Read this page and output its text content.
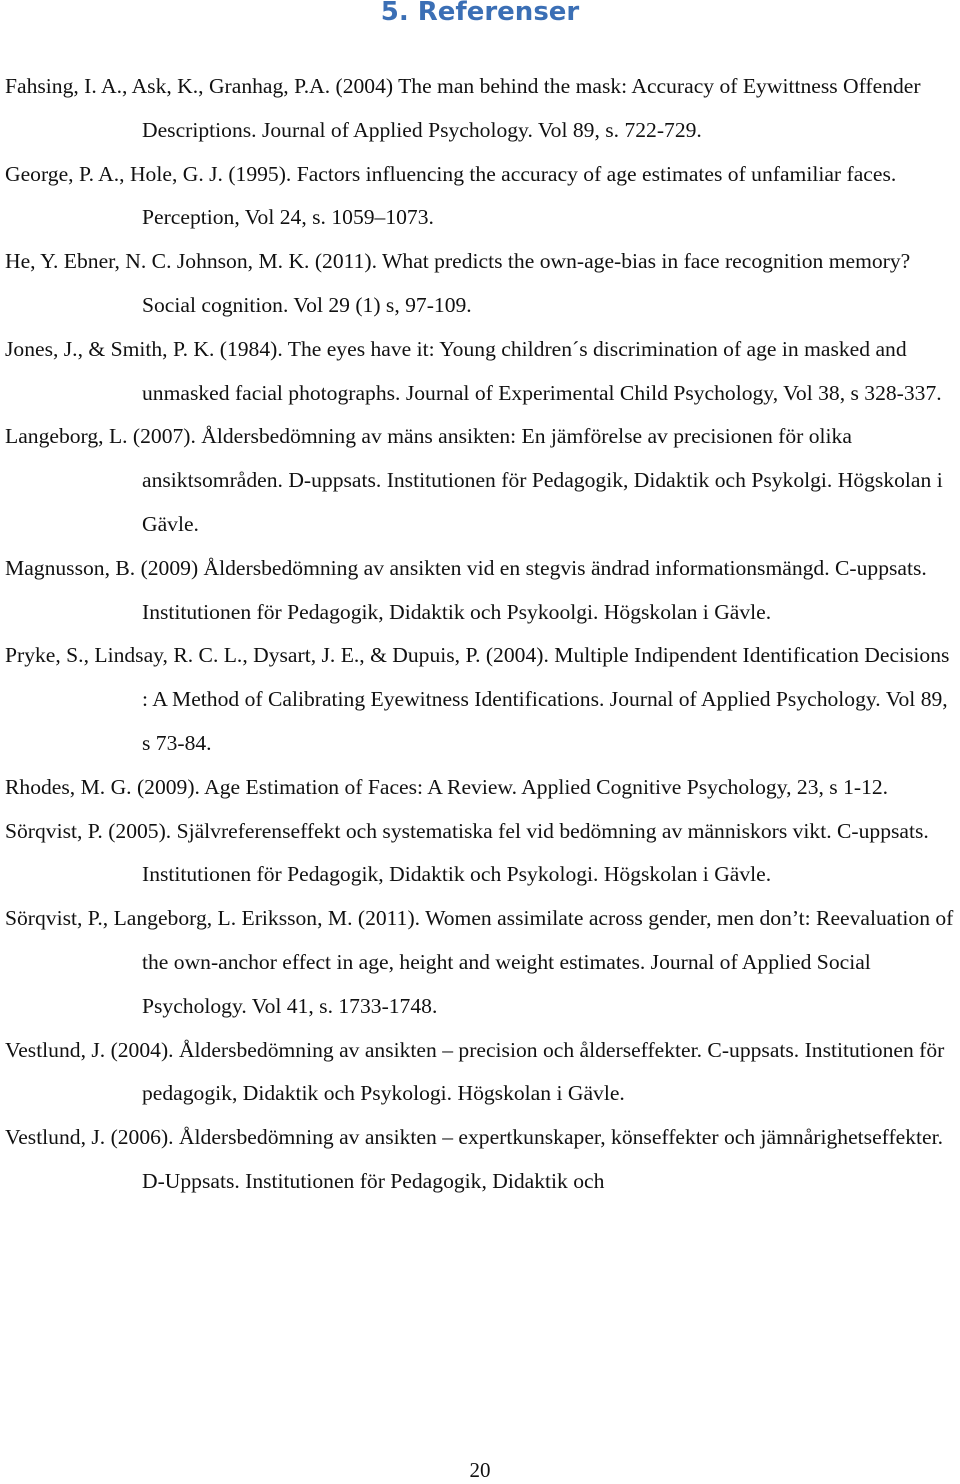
5. Referenser

Fahsing, I. A., Ask, K., Granhag, P.A. (2004) The man behind the mask: Accuracy of Eywittness Offender Descriptions. Journal of Applied Psychology. Vol 89, s. 722-729.

George, P. A., Hole, G. J. (1995). Factors influencing the accuracy of age estimates of unfamiliar faces. Perception, Vol 24, s. 1059–1073.

He, Y. Ebner, N. C. Johnson, M. K. (2011). What predicts the own-age-bias in face recognition memory? Social cognition. Vol 29 (1) s, 97-109.

Jones, J., & Smith, P. K. (1984). The eyes have it: Young children´s discrimination of age in masked and unmasked facial photographs. Journal of Experimental Child Psychology, Vol 38, s 328-337.

Langeborg, L. (2007). Åldersbedömning av mäns ansikten: En jämförelse av precisionen för olika ansiktsområden. D-uppsats. Institutionen för Pedagogik, Didaktik och Psykolgi. Högskolan i Gävle.

Magnusson, B. (2009) Åldersbedömning av ansikten vid en stegvis ändrad informationsmängd. C-uppsats. Institutionen för Pedagogik, Didaktik och Psykoolgi. Högskolan i Gävle.

Pryke, S., Lindsay, R. C. L., Dysart, J. E., & Dupuis, P. (2004). Multiple Indipendent Identification Decisions : A Method of Calibrating Eyewitness Identifications. Journal of Applied Psychology. Vol 89, s 73-84.

Rhodes, M. G. (2009). Age Estimation of Faces: A Review. Applied Cognitive Psychology, 23, s 1-12.

Sörqvist, P. (2005). Självreferenseffekt och systematiska fel vid bedömning av människors vikt. C-uppsats. Institutionen för Pedagogik, Didaktik och Psykologi. Högskolan i Gävle.

Sörqvist, P., Langeborg, L. Eriksson, M. (2011). Women assimilate across gender, men don’t: Reevaluation of the own-anchor effect in age, height and weight estimates. Journal of Applied Social Psychology. Vol 41, s. 1733-1748.

Vestlund, J. (2004). Åldersbedömning av ansikten – precision och ålderseffekter. C-uppsats. Institutionen för pedagogik, Didaktik och Psykologi. Högskolan i Gävle.

Vestlund, J. (2006). Åldersbedömning av ansikten – expertkunskaper, könseffekter och jämnårighetseffekter. D-Uppsats. Institutionen för Pedagogik, Didaktik och

20
